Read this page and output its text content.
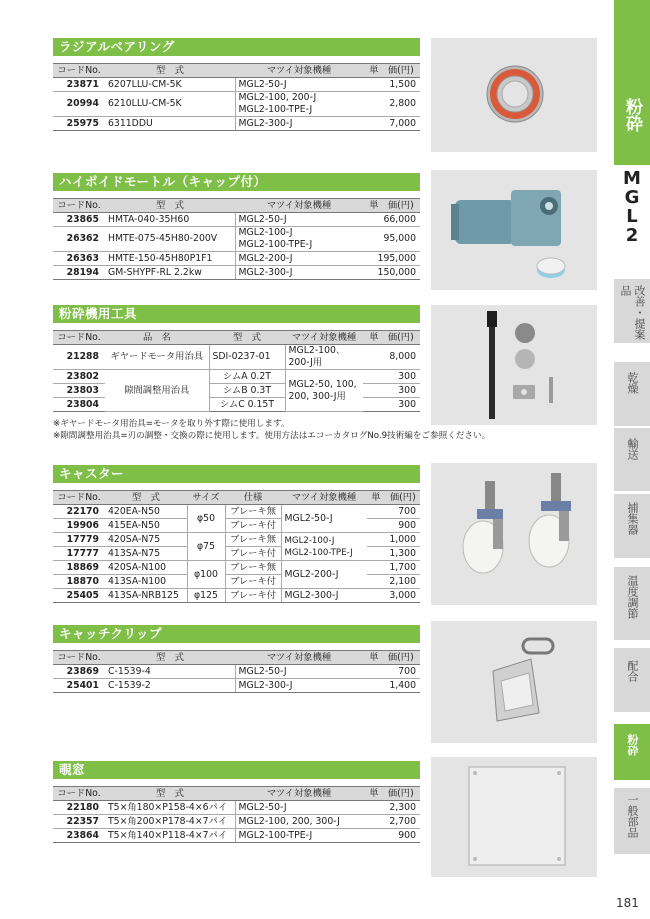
ラジアルベアリング
コードNo.	型　式	マツイ対象機種	単　価(円)
23871	6207LLU-CM-5K	MGL2-50-J	1,500
20994	6210LLU-CM-5K	MGL2-100, 200-J
MGL2-100-TPE-J	2,800
25975	6311DDU	MGL2-300-J	7,000
ハイポイドモートル（キャップ付）
コードNo.	型　式	マツイ対象機種	単　価(円)
23865	HMTA-040-35H60	MGL2-50-J	66,000
26362	HMTE-075-45H80-200V	MGL2-100-J
MGL2-100-TPE-J	95,000
26363	HMTE-150-45H80P1F1	MGL2-200-J	195,000
28194	GM-SHYPF-RL 2.2kw	MGL2-300-J	150,000
粉砕機用工具
コードNo.	品　名	型　式	マツイ対象機種	単　価(円)
21288	ギヤードモータ用治具	SDI-0237-01	MGL2-100、
200-J用	8,000
23802	隙間調整用治具	シムA 0.2T	MGL2-50, 100,
200, 300-J用	300
23803		シムB 0.3T		300
23804		シムC 0.15T		300
※ギヤードモータ用治具=モータを取り外す際に使用します。
※隙間調整用治具=刃の調整・交換の際に使用します。使用方法はエコーカタログNo.9技術編をご参照ください。
キャスター
コードNo.	型　式	サイズ	仕様	マツイ対象機種	単　価(円)
22170	420EA-N50	φ50	ブレーキ無	MGL2-50-J	700
19906	415EA-N50		ブレーキ付		900
17779	420SA-N75	φ75	ブレーキ無	MGL2-100-J
MGL2-100-TPE-J	1,000
17777	413SA-N75		ブレーキ付		1,300
18869	420SA-N100	φ100	ブレーキ無	MGL2-200-J	1,700
18870	413SA-N100		ブレーキ付		2,100
25405	413SA-NRB125	φ125	ブレーキ付	MGL2-300-J	3,000
キャッチクリップ
コードNo.	型　式	マツイ対象機種	単　価(円)
23869	C-1539-4	MGL2-50-J	700
25401	C-1539-2	MGL2-300-J	1,400
覗窓
コードNo.	型　式	マツイ対象機種	単　価(円)
22180	T5×角180×P158-4×6パイ	MGL2-50-J	2,300
22357	T5×角200×P178-4×7パイ	MGL2-100, 200, 300-J	2,700
23864	T5×角140×P118-4×7パイ	MGL2-100-TPE-J	900
粉砕
MGL2
改善・提案品
乾燥
輸送
捕集器
温度調節
配合
粉砕
一般部品
181
